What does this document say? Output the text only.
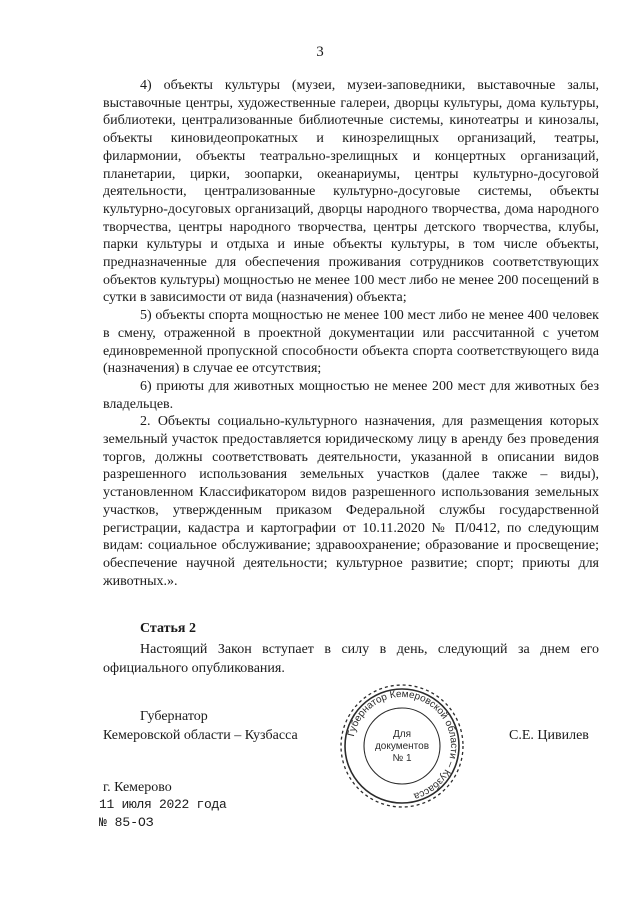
3

4) объекты культуры (музеи, музеи-заповедники, выставочные залы, выставочные центры, художественные галереи, дворцы культуры, дома культуры, библиотеки, централизованные библиотечные системы, кинотеатры и кинозалы, объекты киновидеопрокатных и кинозрелищных организаций, театры, филармонии, объекты театрально-зрелищных и концертных организаций, планетарии, цирки, зоопарки, океанариумы, центры культурно-досуговой деятельности, централизованные культурно-досуговые системы, объекты культурно-досуговых организаций, дворцы народного творчества, дома народного творчества, центры народного творчества, центры детского творчества, клубы, парки культуры и отдыха и иные объекты культуры, в том числе объекты, предназначенные для обеспечения проживания сотрудников соответствующих объектов культуры) мощностью не менее 100 мест либо не менее 200 посещений в сутки в зависимости от вида (назначения) объекта;

5) объекты спорта мощностью не менее 100 мест либо не менее 400 человек в смену, отраженной в проектной документации или рассчитанной с учетом единовременной пропускной способности объекта спорта соответствующего вида (назначения) в случае ее отсутствия;

6) приюты для животных мощностью не менее 200 мест для животных без владельцев.

2. Объекты социально-культурного назначения, для размещения которых земельный участок предоставляется юридическому лицу в аренду без проведения торгов, должны соответствовать деятельности, указанной в описании видов разрешенного использования земельных участков (далее также – виды), установленном Классификатором видов разрешенного использования земельных участков, утвержденным приказом Федеральной службы государственной регистрации, кадастра и картографии от 10.11.2020 № П/0412, по следующим видам: социальное обслуживание; здравоохранение; образование и просвещение; обеспечение научной деятельности; культурное развитие; спорт; приюты для животных.».

Статья 2

Настоящий Закон вступает в силу в день, следующий за днем его официального опубликования.

Губернатор
Кемеровской области – Кузбасса	С.Е. Цивилев
Губернатор Кемеровской области – Кузбасса
Для
документов
№ 1
г. Кемерово
11 июля 2022 года
№ 85-ОЗ
